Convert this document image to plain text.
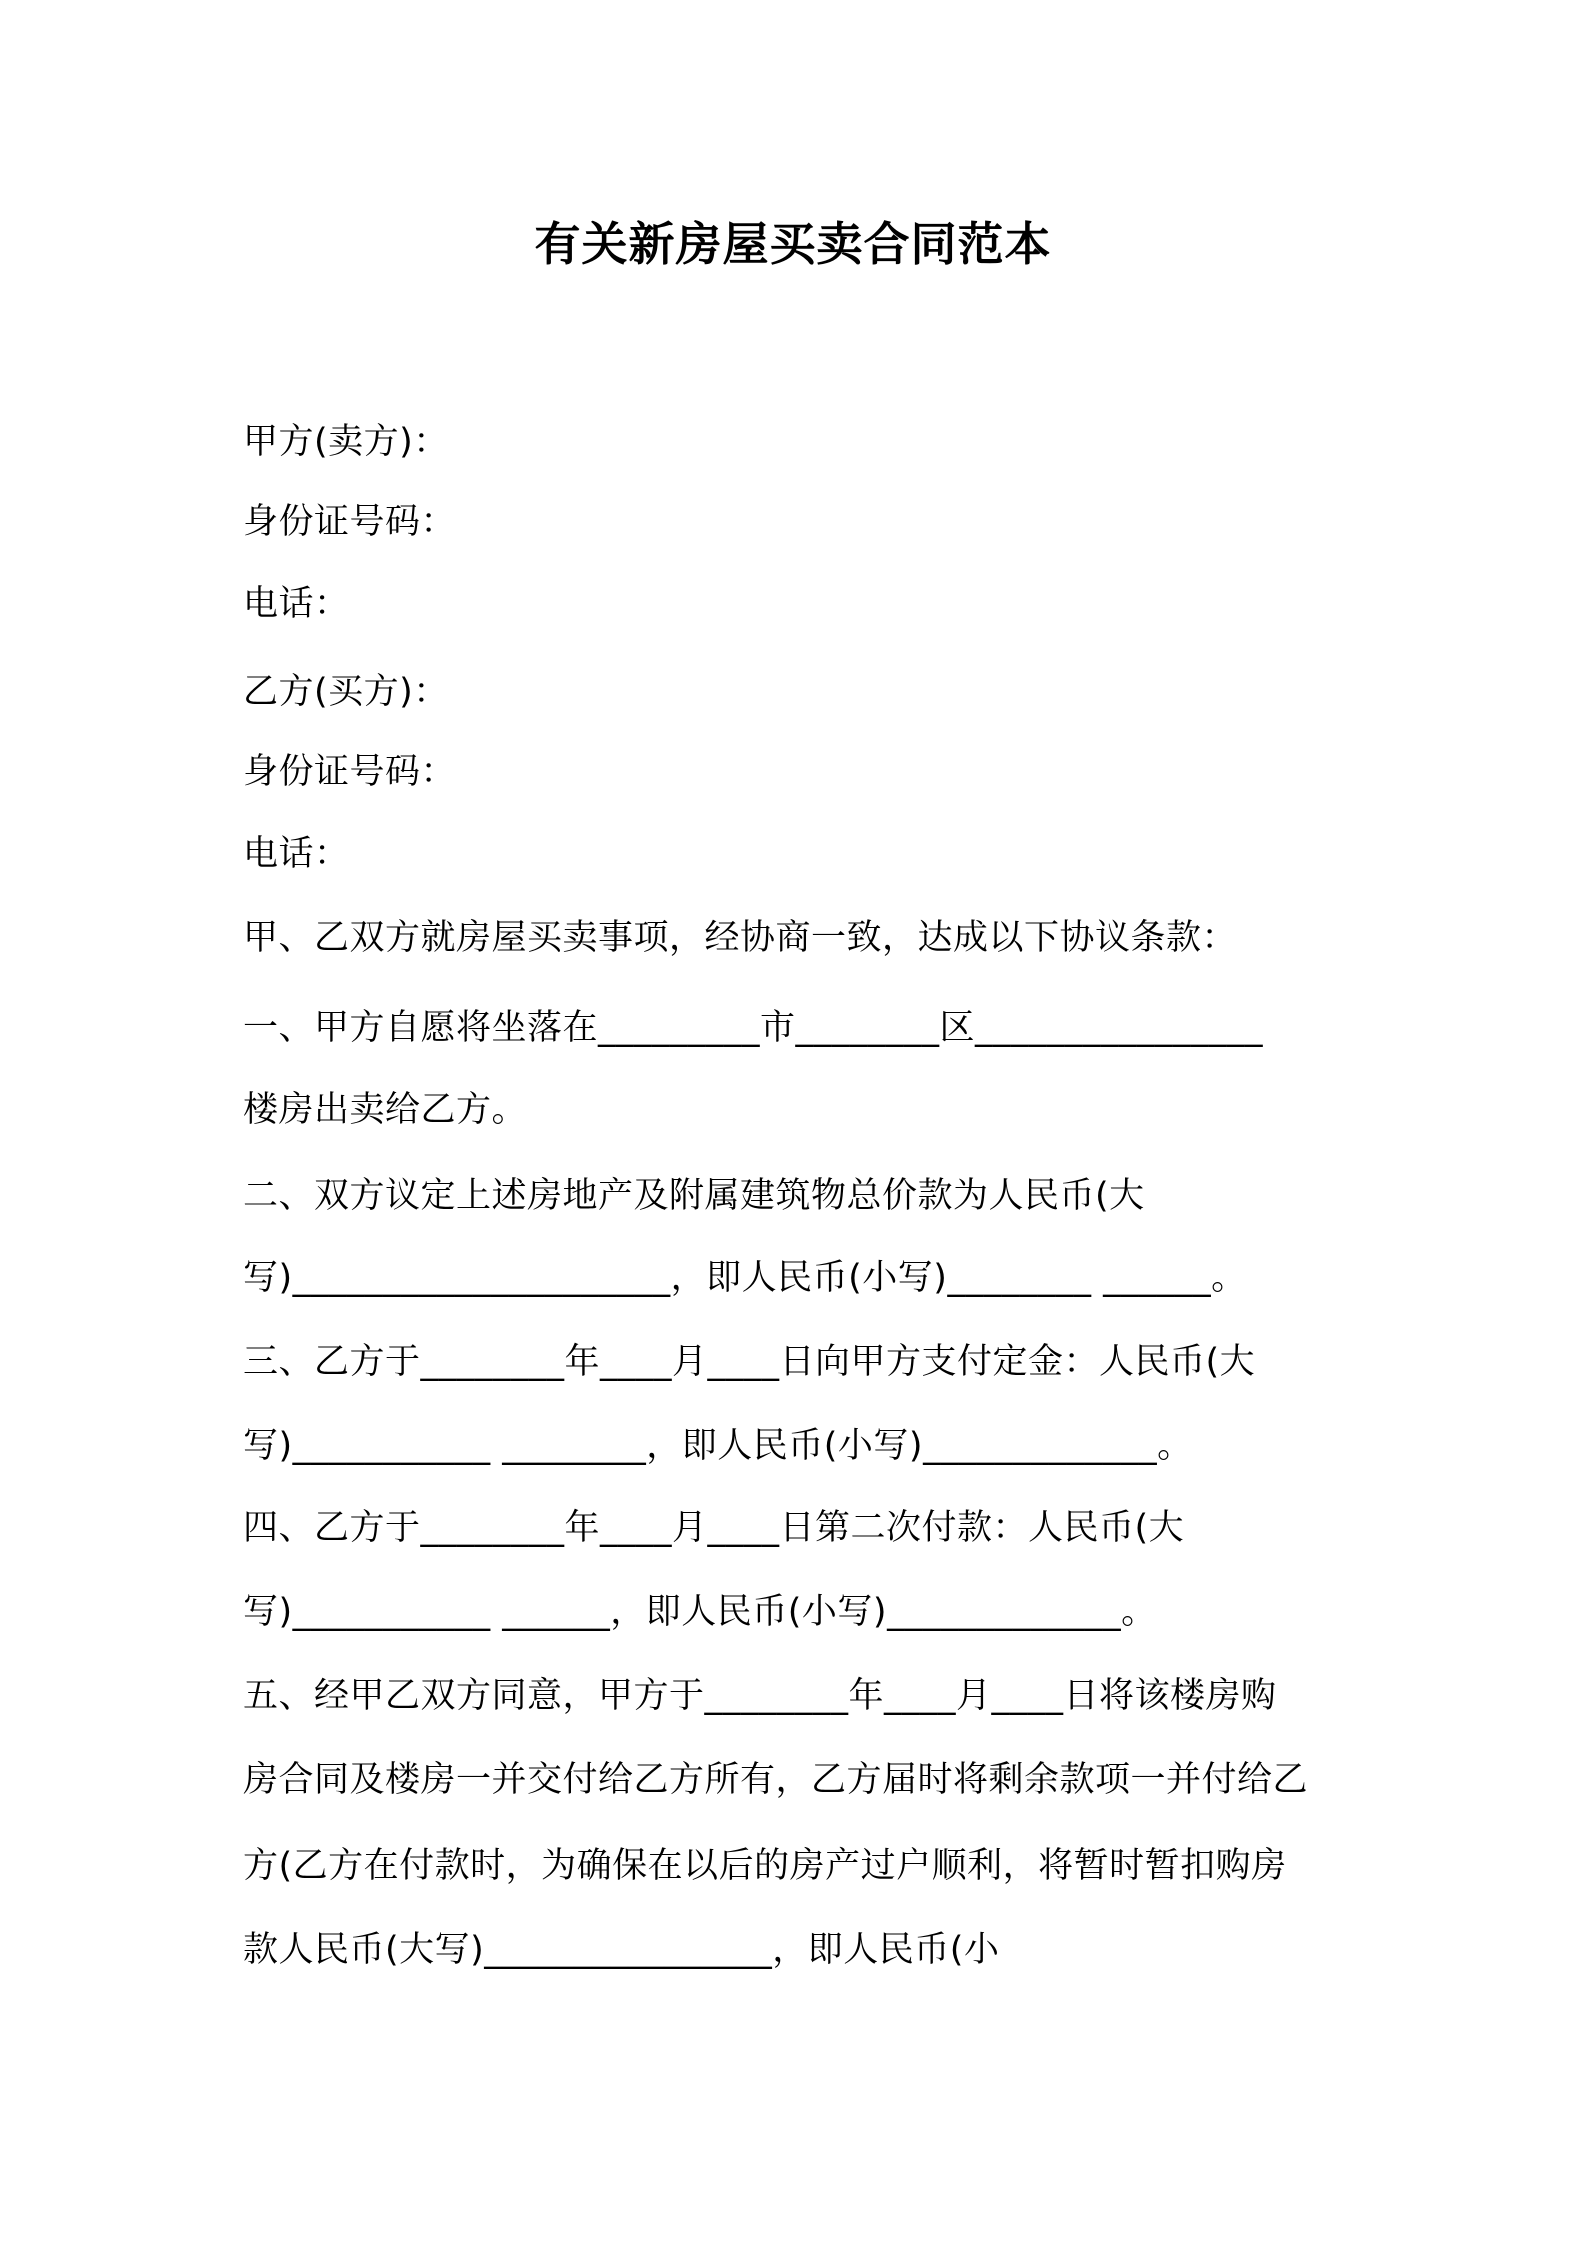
有关新房屋买卖合同范本

甲方(卖方)：

身份证号码：

电话：

乙方(买方)：

身份证号码：

电话：

甲、乙双方就房屋买卖事项，经协商一致，达成以下协议条款：

一、甲方自愿将坐落在_________市________区________________

楼房出卖给乙方。

二、双方议定上述房地产及附属建筑物总价款为人民币(大

写)_____________________，即人民币(小写)________ ______。

三、乙方于________年____月____日向甲方支付定金：人民币(大

写)___________ ________，即人民币(小写)_____________。

四、乙方于________年____月____日第二次付款：人民币(大

写)___________ ______，即人民币(小写)_____________。

五、经甲乙双方同意，甲方于________年____月____日将该楼房购

房合同及楼房一并交付给乙方所有，乙方届时将剩余款项一并付给乙

方(乙方在付款时，为确保在以后的房产过户顺利，将暂时暂扣购房

款人民币(大写)________________，即人民币(小
